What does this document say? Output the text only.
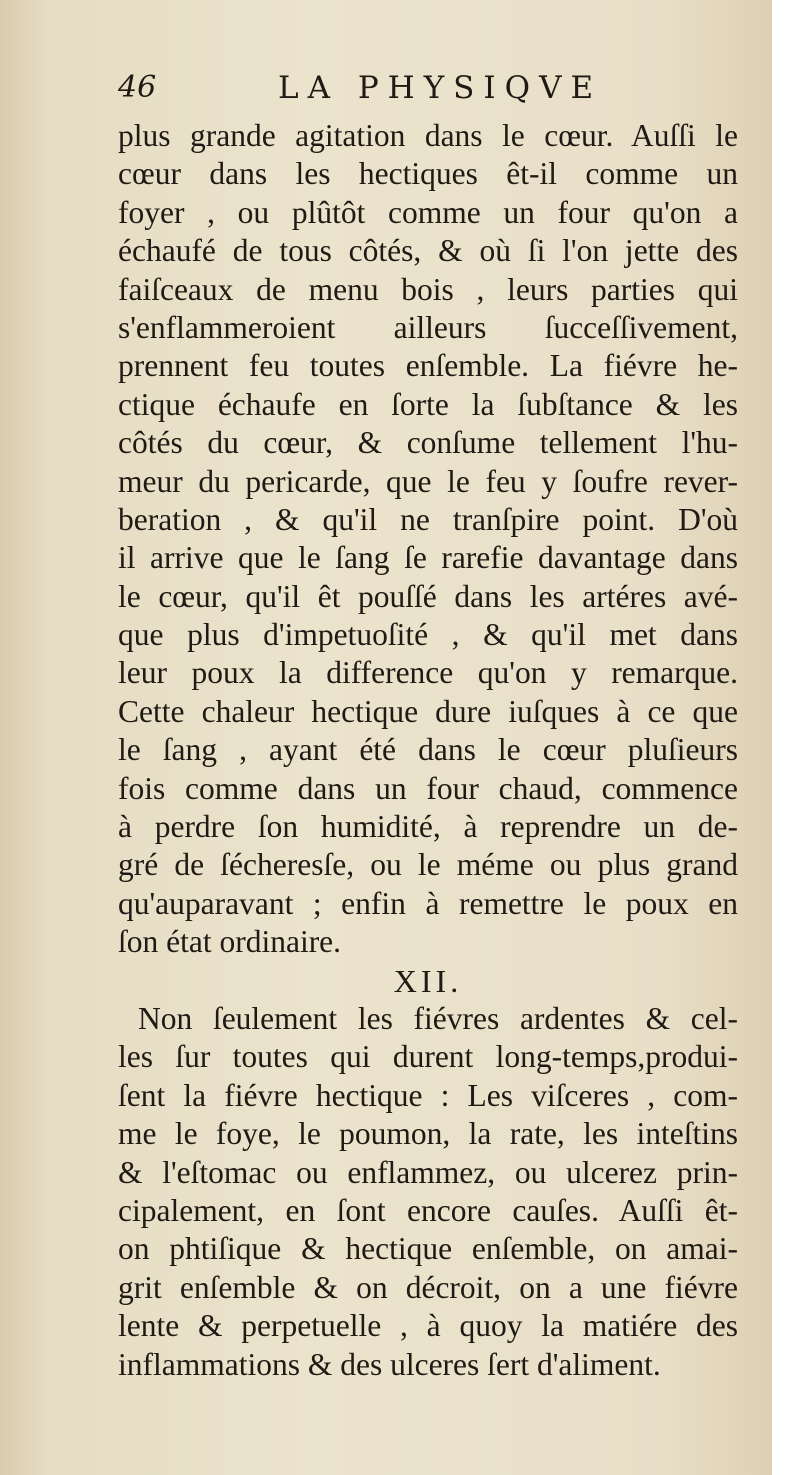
46	LA PHYSIQVE
plus grande agitation dans le cœur. Auſſi le
cœur dans les hectiques êt-il comme un
foyer , ou plûtôt comme un four qu'on a
échaufé de tous côtés, & où ſi l'on jette des
faiſceaux de menu bois , leurs parties qui
s'enflammeroient ailleurs ſucceſſivement,
prennent feu toutes enſemble. La fiévre he-
ctique échaufe en ſorte la ſubſtance & les
côtés du cœur, & conſume tellement l'hu-
meur du pericarde, que le feu y ſoufre rever-
beration , & qu'il ne tranſpire point. D'où
il arrive que le ſang ſe rarefie davantage dans
le cœur, qu'il êt pouſſé dans les artéres avé-
que plus d'impetuoſité , & qu'il met dans
leur poux la difference qu'on y remarque.
Cette chaleur hectique dure iuſques à ce que
le ſang , ayant été dans le cœur pluſieurs
fois comme dans un four chaud, commence
à perdre ſon humidité, à reprendre un de-
gré de ſécheresſe, ou le méme ou plus grand
qu'auparavant ; enfin à remettre le poux en
ſon état ordinaire.
XII.
Non ſeulement les fiévres ardentes & cel-
les ſur toutes qui durent long-temps,produi-
ſent la fiévre hectique : Les viſceres , com-
me le foye, le poumon, la rate, les inteſtins
& l'eſtomac ou enflammez, ou ulcerez prin-
cipalement, en ſont encore cauſes. Auſſi êt-
on phtiſique & hectique enſemble, on amai-
grit enſemble & on décroit, on a une fiévre
lente & perpetuelle , à quoy la matiére des
inflammations & des ulceres ſert d'aliment.
